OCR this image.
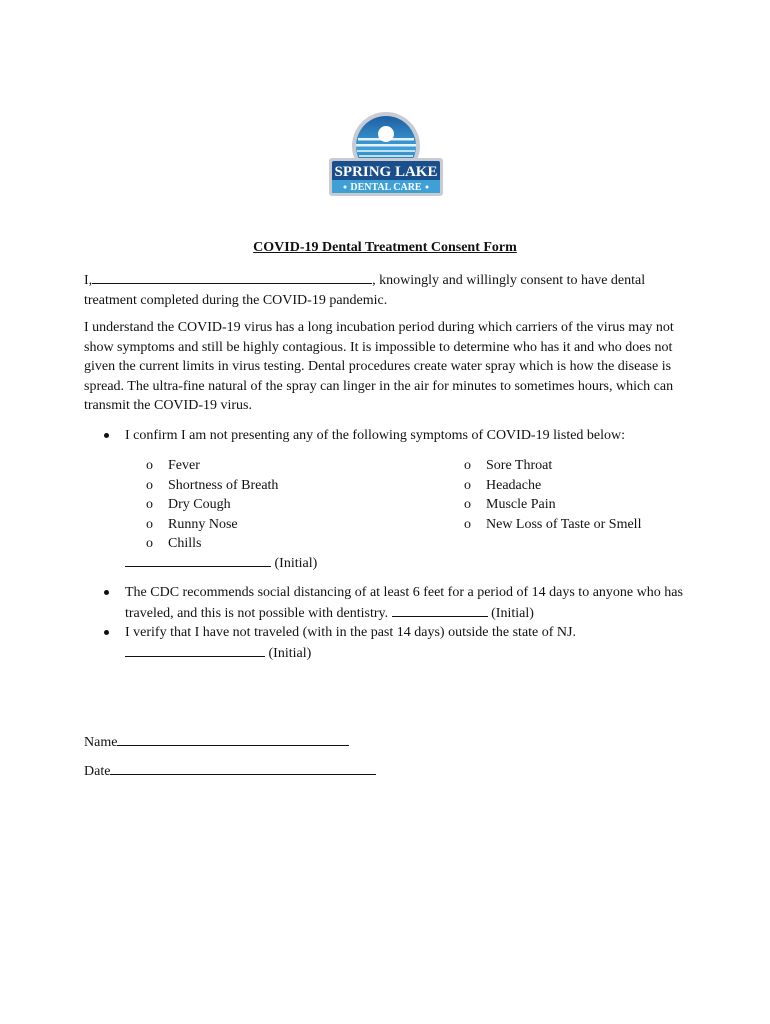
SPRING LAKE
DENTAL CARE

COVID-19 Dental Treatment Consent Form

I,	, knowingly and willingly consent to have dental
treatment completed during the COVID-19 pandemic.

I understand the COVID-19 virus has a long incubation period during which carriers of the virus may not
show symptoms and still be highly contagious. It is impossible to determine who has it and who does not
given the current limits in virus testing. Dental procedures create water spray which is how the disease is
spread. The ultra-fine natural of the spray can linger in the air for minutes to sometimes hours, which can
transmit the COVID-19 virus.

I confirm I am not presenting any of the following symptoms of COVID-19 listed below:
o Fever
o Shortness of Breath
o Dry Cough
o Runny Nose
o Chills
o Sore Throat
o Headache
o Muscle Pain
o New Loss of Taste or Smell

(Initial)

The CDC recommends social distancing of at least 6 feet for a period of 14 days to anyone who has
traveled, and this is not possible with dentistry.	(Initial)
I verify that I have not traveled (with in the past 14 days) outside the state of NJ.
(Initial)

Name

Date
